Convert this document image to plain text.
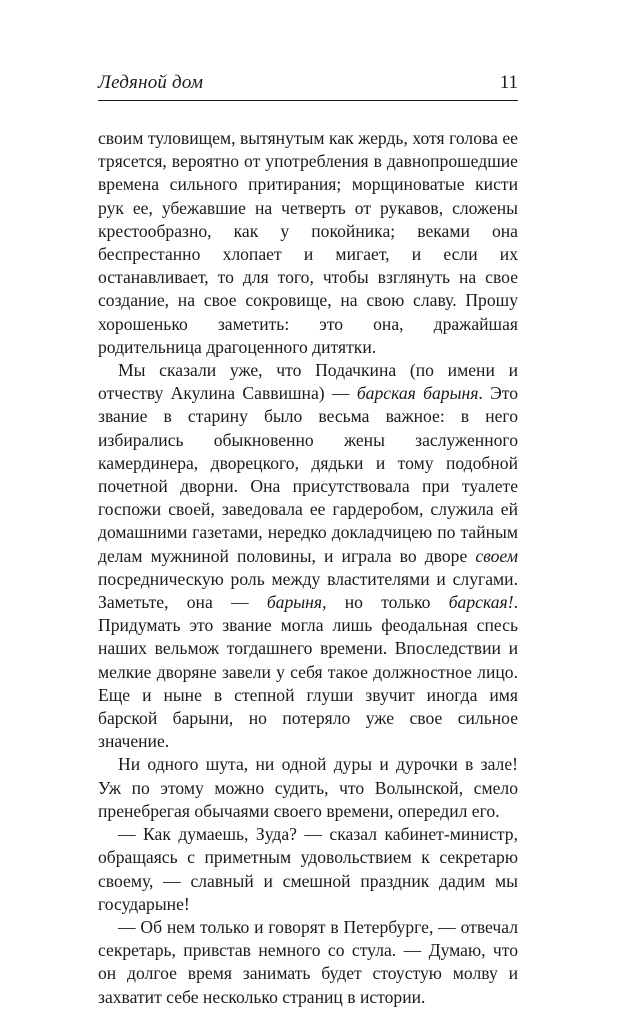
Ледяной дом	11

своим туловищем, вытянутым как жердь, хотя голова ее трясется, вероятно от употребления в давнопрошедшие времена сильного притирания; морщиноватые кисти рук ее, убежавшие на четверть от рукавов, сложены крестообразно, как у покойника; веками она беспрестанно хлопает и мигает, и если их останавливает, то для того, чтобы взглянуть на свое создание, на свое сокровище, на свою славу. Прошу хорошенько заметить: это она, дражайшая родительница драгоценного дитятки.

Мы сказали уже, что Подачкина (по имени и отчеству Акулина Саввишна) — барская барыня. Это звание в старину было весьма важное: в него избирались обыкновенно жены заслуженного камердинера, дворецкого, дядьки и тому подобной почетной дворни. Она присутствовала при туалете госпожи своей, заведовала ее гардеробом, служила ей домашними газетами, нередко докладчицею по тайным делам мужниной половины, и играла во дворе своем посредническую роль между властителями и слугами. Заметьте, она — барыня, но только барская!. Придумать это звание могла лишь феодальная спесь наших вельмож тогдашнего времени. Впоследствии и мелкие дворяне завели у себя такое должностное лицо. Еще и ныне в степной глуши звучит иногда имя барской барыни, но потеряло уже свое сильное значение.

Ни одного шута, ни одной дуры и дурочки в зале! Уж по этому можно судить, что Волынской, смело пренебрегая обычаями своего времени, опередил его.

— Как думаешь, Зуда? — сказал кабинет-министр, обращаясь с приметным удовольствием к секретарю своему, — славный и смешной праздник дадим мы государыне!

— Об нем только и говорят в Петербурге, — отвечал секретарь, привстав немного со стула. — Думаю, что он долгое время занимать будет стоустую молву и захватит себе несколько страниц в истории.
